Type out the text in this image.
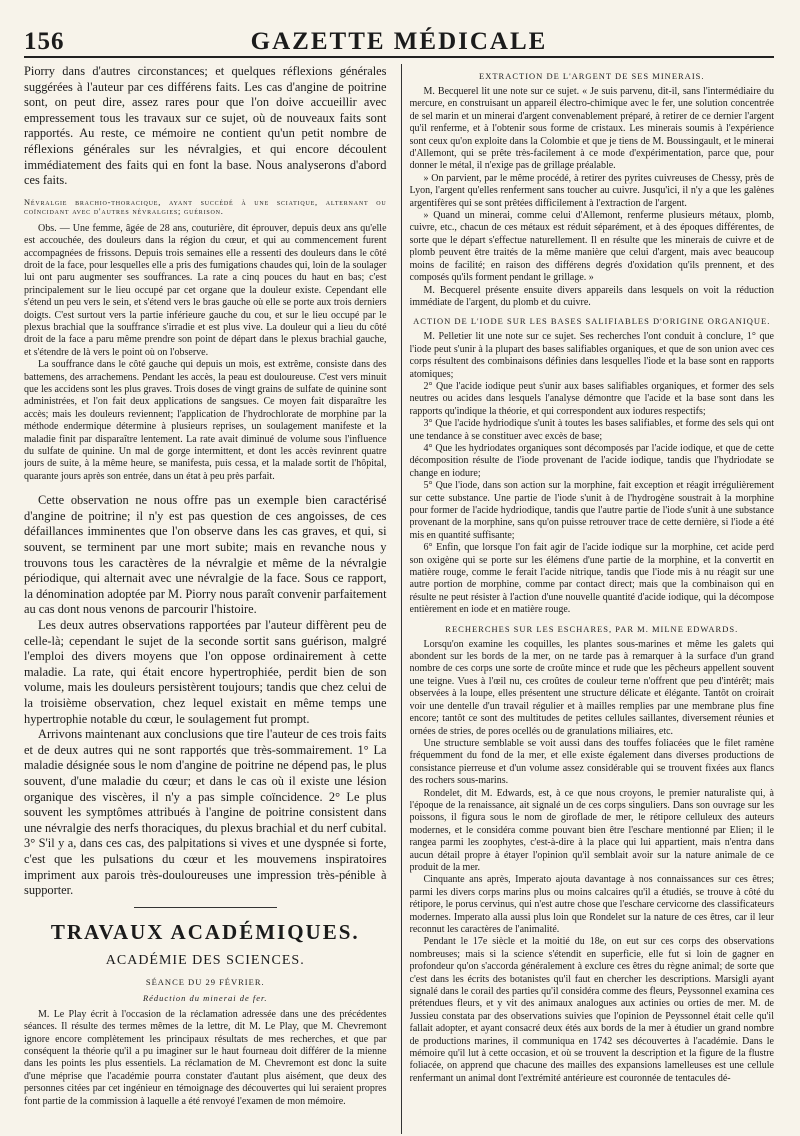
156	GAZETTE MÉDICALE

Piorry dans d'autres circonstances; et quelques réflexions générales suggérées à l'auteur par ces différens faits. Les cas d'angine de poitrine sont, on peut dire, assez rares pour que l'on doive accueillir avec empressement tous les travaux sur ce sujet, où de nouveaux faits sont rapportés. Au reste, ce mémoire ne contient qu'un petit nombre de réflexions générales sur les névralgies, et qui encore découlent immédiatement des faits qui en font la base. Nous analyserons d'abord ces faits.

Névralgie brachio-thoracique, ayant succédé à une sciatique, alternant ou coïncidant avec d'autres névralgies; guérison.

Obs. — Une femme, âgée de 28 ans, couturière, dit éprouver, depuis deux ans qu'elle est accouchée, des douleurs dans la région du cœur, et qui au commencement furent accompagnées de frissons. Depuis trois semaines elle a ressenti des douleurs dans le côté droit de la face, pour lesquelles elle a pris des fumigations chaudes qui, loin de la soulager lui ont paru augmenter ses souffrances. La rate a cinq pouces du haut en bas; c'est principalement sur le lieu occupé par cet organe que la douleur existe. Cependant elle s'étend un peu vers le sein, et s'étend vers le bras gauche où elle se porte aux trois derniers doigts. C'est surtout vers la partie inférieure gauche du cou, et sur le lieu occupé par le plexus brachial que la souffrance s'irradie et est plus vive. La douleur qui a lieu du côté droit de la face a paru même prendre son point de départ dans le plexus brachial gauche, et s'étendre de là vers le point où on l'observe.

La souffrance dans le côté gauche qui depuis un mois, est extrême, consiste dans des battemens, des arrachemens. Pendant les accès, la peau est douloureuse. C'est vers minuit que les accidens sont les plus graves. Trois doses de vingt grains de sulfate de quinine sont administrées, et l'on fait deux applications de sangsues. Ce moyen fait disparaître les accès; mais les douleurs reviennent; l'application de l'hydrochlorate de morphine par la méthode endermique détermine à plusieurs reprises, un soulagement manifeste et la maladie finit par disparaître lentement. La rate avait diminué de volume sous l'influence du sulfate de quinine. Un mal de gorge intermittent, et dont les accès revinrent quatre jours de suite, à la même heure, se manifesta, puis cessa, et la malade sortit de l'hôpital, quarante jours après son entrée, dans un état à peu près parfait.

Cette observation ne nous offre pas un exemple bien caractérisé d'angine de poitrine; il n'y est pas question de ces angoisses, de ces défaillances imminentes que l'on observe dans les cas graves, et qui, si souvent, se terminent par une mort subite; mais en revanche nous y trouvons tous les caractères de la névralgie et même de la névralgie périodique, qui alternait avec une névralgie de la face. Sous ce rapport, la dénomination adoptée par M. Piorry nous paraît convenir parfaitement au cas dont nous venons de parcourir l'histoire.

Les deux autres observations rapportées par l'auteur diffèrent peu de celle-là; cependant le sujet de la seconde sortit sans guérison, malgré l'emploi des divers moyens que l'on oppose ordinairement à cette maladie. La rate, qui était encore hypertrophiée, perdit bien de son volume, mais les douleurs persistèrent toujours; tandis que chez celui de la troisième observation, chez lequel existait en même temps une hypertrophie notable du cœur, le soulagement fut prompt.

Arrivons maintenant aux conclusions que tire l'auteur de ces trois faits et de deux autres qui ne sont rapportés que très-sommairement. 1° La maladie désignée sous le nom d'angine de poitrine ne dépend pas, le plus souvent, d'une maladie du cœur; et dans le cas où il existe une lésion organique des viscères, il n'y a pas simple coïncidence. 2° Le plus souvent les symptômes attribués à l'angine de poitrine consistent dans une névralgie des nerfs thoraciques, du plexus brachial et du nerf cubital. 3° S'il y a, dans ces cas, des palpitations si vives et une dyspnée si forte, c'est que les pulsations du cœur et les mouvemens inspiratoires impriment aux parois très-douloureuses une impression très-pénible à supporter.

TRAVAUX ACADÉMIQUES.
ACADÉMIE DES SCIENCES.
SÉANCE DU 29 FÉVRIER.
Réduction du minerai de fer.

M. Le Play écrit à l'occasion de la réclamation adressée dans une des précédentes séances. Il résulte des termes mêmes de la lettre, dit M. Le Play, que M. Chevremont ignore encore complètement les principaux résultats de mes recherches, et que par conséquent la théorie qu'il a pu imaginer sur le haut fourneau doit différer de la mienne dans les points les plus essentiels. La réclamation de M. Chevremont est donc la suite d'une méprise que l'académie pourra constater d'autant plus aisément, que deux des personnes citées par cet ingénieur en témoignage des découvertes qui lui seraient propres font partie de la commission à laquelle a été renvoyé l'examen de mon mémoire.

EXTRACTION DE L'ARGENT DE SES MINERAIS.

M. Becquerel lit une note sur ce sujet. « Je suis parvenu, dit-il, sans l'intermédiaire du mercure, en construisant un appareil électro-chimique avec le fer, une solution concentrée de sel marin et un minerai d'argent convenablement préparé, à retirer de ce dernier l'argent qu'il renferme, et à l'obtenir sous forme de cristaux. Les minerais soumis à l'expérience sont ceux qu'on exploite dans la Colombie et que je tiens de M. Boussingault, et le minerai d'Allemont, qui se prête très-facilement à ce mode d'expérimentation, parce que, pour donner le métal, il n'exige pas de grillage préalable.

» On parvient, par le même procédé, à retirer des pyrites cuivreuses de Chessy, près de Lyon, l'argent qu'elles renferment sans toucher au cuivre. Jusqu'ici, il n'y a que les galènes argentifères qui se sont prêtées difficilement à l'extraction de l'argent.

» Quand un minerai, comme celui d'Allemont, renferme plusieurs métaux, plomb, cuivre, etc., chacun de ces métaux est réduit séparément, et à des époques différentes, de sorte que le départ s'effectue naturellement. Il en résulte que les minerais de cuivre et de plomb peuvent être traités de la même manière que celui d'argent, mais avec beaucoup moins de facilité; en raison des différens degrés d'oxidation qu'ils prennent, et des composés qu'ils forment pendant le grillage. »

M. Becquerel présente ensuite divers appareils dans lesquels on voit la réduction immédiate de l'argent, du plomb et du cuivre.

ACTION DE L'IODE SUR LES BASES SALIFIABLES D'ORIGINE ORGANIQUE.

M. Pelletier lit une note sur ce sujet. Ses recherches l'ont conduit à conclure, 1° que l'iode peut s'unir à la plupart des bases salifiables organiques, et que de son union avec ces corps résultent des combinaisons définies dans lesquelles l'iode et la base sont en rapports atomiques;

2° Que l'acide iodique peut s'unir aux bases salifiables organiques, et former des sels neutres ou acides dans lesquels l'analyse démontre que l'acide et la base sont dans les rapports qu'indique la théorie, et qui correspondent aux iodures respectifs;

3° Que l'acide hydriodique s'unit à toutes les bases salifiables, et forme des sels qui ont une tendance à se constituer avec excès de base;

4° Que les hydriodates organiques sont décomposés par l'acide iodique, et que de cette décomposition résulte de l'iode provenant de l'acide iodique, tandis que l'hydriodate se change en iodure;

5° Que l'iode, dans son action sur la morphine, fait exception et réagit irrégulièrement sur cette substance. Une partie de l'iode s'unit à de l'hydrogène soustrait à la morphine pour former de l'acide hydriodique, tandis que l'autre partie de l'iode s'unit à une substance provenant de la morphine, sans qu'on puisse retrouver trace de cette dernière, si l'iode a été mis en quantité suffisante;

6° Enfin, que lorsque l'on fait agir de l'acide iodique sur la morphine, cet acide perd son oxigène qui se porte sur les élémens d'une partie de la morphine, et la convertit en matière rouge, comme le ferait l'acide nitrique, tandis que l'iode mis à nu réagit sur une autre portion de morphine, comme par contact direct; mais que la combinaison qui en résulte ne peut résister à l'action d'une nouvelle quantité d'acide iodique, qui la décompose entièrement en iode et en matière rouge.

RECHERCHES SUR LES ESCHARES, PAR M. MILNE EDWARDS.

Lorsqu'on examine les coquilles, les plantes sous-marines et même les galets qui abondent sur les bords de la mer, on ne tarde pas à remarquer à la surface d'un grand nombre de ces corps une sorte de croûte mince et rude que les pêcheurs appellent souvent une teigne. Vues à l'œil nu, ces croûtes de couleur terne n'offrent que peu d'intérêt; mais observées à la loupe, elles présentent une structure délicate et élégante. Tantôt on croirait voir une dentelle d'un travail régulier et à mailles remplies par une membrane plus fine encore; tantôt ce sont des multitudes de petites cellules saillantes, diversement réunies et ornées de stries, de pores ocellés ou de granulations miliaires, etc.

Une structure semblable se voit aussi dans des touffes foliacées que le filet ramène fréquemment du fond de la mer, et elle existe également dans diverses productions de consistance pierreuse et d'un volume assez considérable qui se trouvent fixées aux flancs des rochers sous-marins.

Rondelet, dit M. Edwards, est, à ce que nous croyons, le premier naturaliste qui, à l'époque de la renaissance, ait signalé un de ces corps singuliers. Dans son ouvrage sur les poissons, il figura sous le nom de giroflade de mer, le rétipore celluleux des auteurs modernes, et le considéra comme pouvant bien être l'eschare mentionné par Elien; il le rangea parmi les zoophytes, c'est-à-dire à la place qui lui appartient, mais n'entra dans aucun détail propre à étayer l'opinion qu'il semblait avoir sur la nature animale de ce produit de la mer.

Cinquante ans après, Imperato ajouta davantage à nos connaissances sur ces êtres; parmi les divers corps marins plus ou moins calcaires qu'il a étudiés, se trouve à côté du rétipore, le porus cervinus, qui n'est autre chose que l'eschare cervicorne des classificateurs modernes. Imperato alla aussi plus loin que Rondelet sur la nature de ces êtres, car il leur reconnut les caractères de l'animalité.

Pendant le 17e siècle et la moitié du 18e, on eut sur ces corps des observations nombreuses; mais si la science s'étendit en superficie, elle fut si loin de gagner en profondeur qu'on s'accorda généralement à exclure ces êtres du règne animal; de sorte que c'est dans les écrits des botanistes qu'il faut en chercher les descriptions. Marsigli ayant signalé dans le corail des parties qu'il considéra comme des fleurs, Peyssonnel examina ces prétendues fleurs, et y vit des animaux analogues aux actinies ou orties de mer. M. de Jussieu constata par des observations suivies que l'opinion de Peyssonnel était celle qu'il fallait adopter, et ayant consacré deux étés aux bords de la mer à étudier un grand nombre de productions marines, il communiqua en 1742 ses découvertes à l'académie. Dans le mémoire qu'il lut à cette occasion, et où se trouvent la description et la figure de la flustre foliacée, on apprend que chacune des mailles des expansions lamelleuses est une cellule renfermant un animal dont l'extrémité antérieure est couronnée de tentacules dé-
